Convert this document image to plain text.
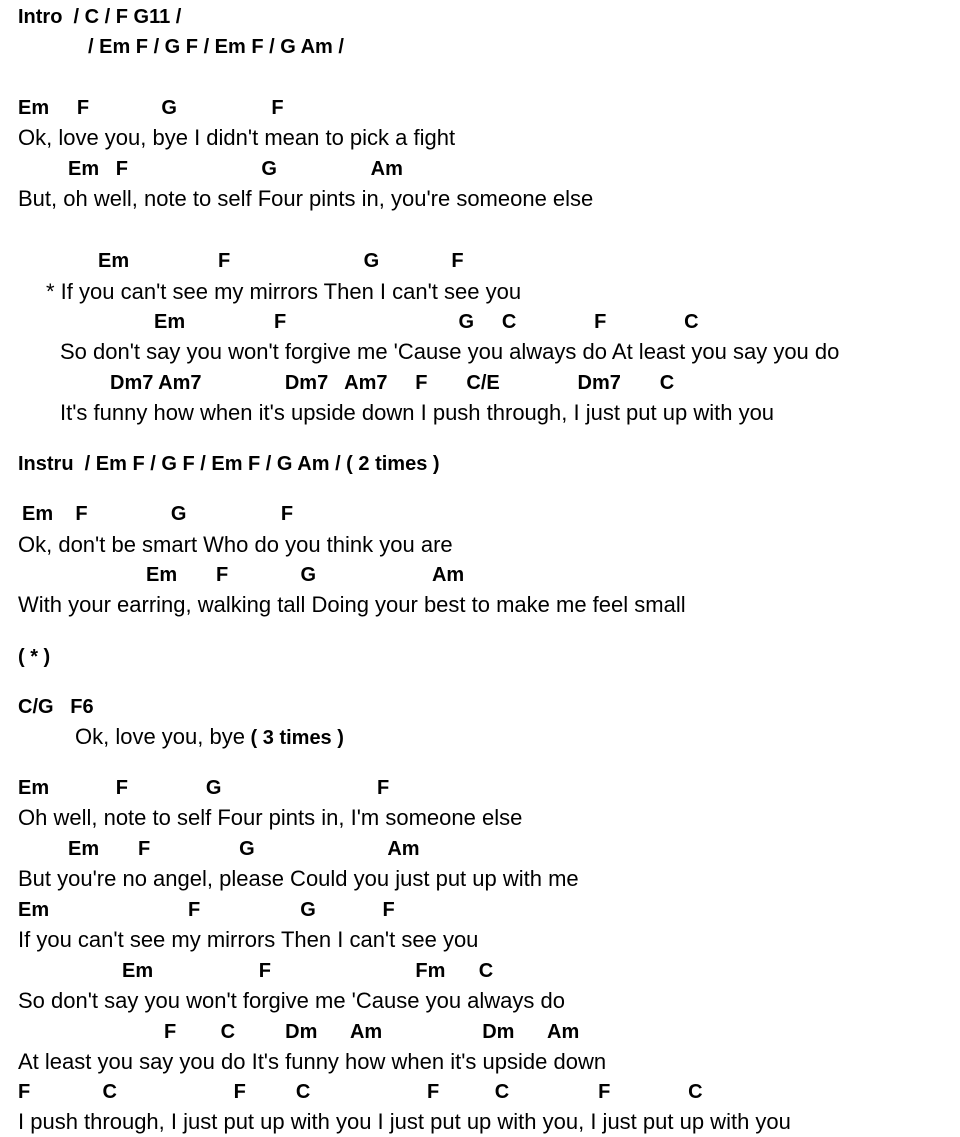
Intro  / C / F G11 /
/ Em F / G F / Em F / G Am /
Em     F             G                 F
Ok, love you, bye I didn't mean to pick a fight
Em   F                        G                 Am
But, oh well, note to self Four pints in, you're someone else
Em                F                        G             F
* If you can't see my mirrors Then I can't see you
Em                F                               G     C              F              C
So don't say you won't forgive me 'Cause you always do At least you say you do
Dm7 Am7               Dm7   Am7     F       C/E              Dm7       C
It's funny how when it's upside down I push through, I just put up with you
Instru  / Em F / G F / Em F / G Am / ( 2 times )
Em    F               G                 F
Ok, don't be smart Who do you think you are
Em       F             G                     Am
With your earring, walking tall Doing your best to make me feel small
( * )
C/G   F6
Ok, love you, bye ( 3 times )
Em            F              G                            F
Oh well, note to self Four pints in, I'm someone else
Em       F                G                        Am
But you're no angel, please Could you just put up with me
Em                         F                  G            F
If you can't see my mirrors Then I can't see you
Em                   F                          Fm      C
So don't say you won't forgive me 'Cause you always do
F        C         Dm      Am                  Dm      Am
At least you say you do It's funny how when it's upside down
F             C                     F         C                     F          C                F              C
I push through, I just put up with you I just put up with you, I just put up with you
